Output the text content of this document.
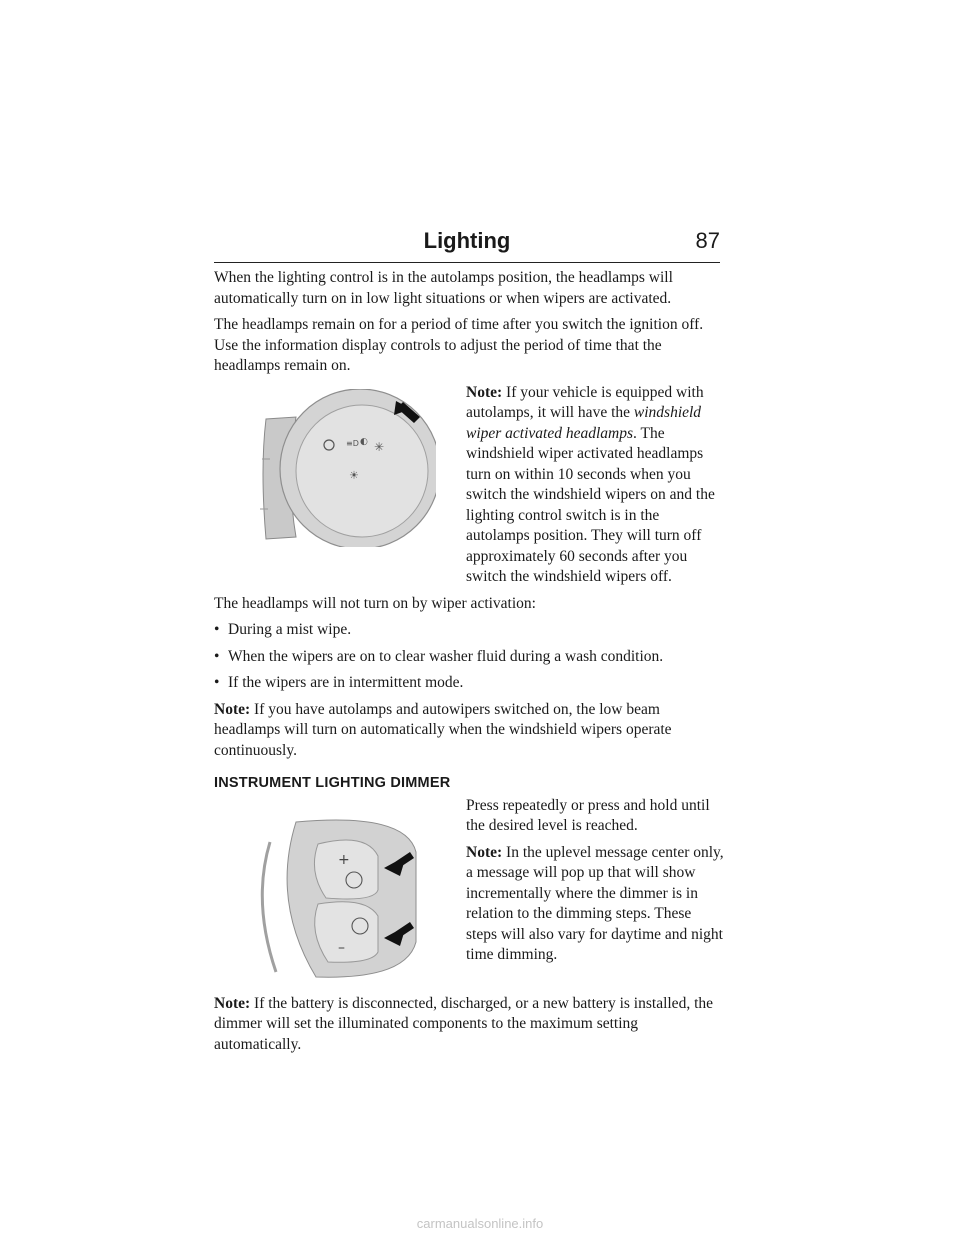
Lighting	87

When the lighting control is in the autolamps position, the headlamps will automatically turn on in low light situations or when wipers are activated.

The headlamps remain on for a period of time after you switch the ignition off. Use the information display controls to adjust the period of time that the headlamps remain on.

≡D ◐ ✳
☀

Note: If your vehicle is equipped with autolamps, it will have the windshield wiper activated headlamps. The windshield wiper activated headlamps turn on within 10 seconds when you switch the windshield wipers on and the lighting control switch is in the autolamps position. They will turn off approximately 60 seconds after you switch the windshield wipers off.

The headlamps will not turn on by wiper activation:

• During a mist wipe.
• When the wipers are on to clear washer fluid during a wash condition.
• If the wipers are in intermittent mode.

Note: If you have autolamps and autowipers switched on, the low beam headlamps will turn on automatically when the windshield wipers operate continuously.

INSTRUMENT LIGHTING DIMMER
+
–

Press repeatedly or press and hold until the desired level is reached.

Note: In the uplevel message center only, a message will pop up that will show incrementally where the dimmer is in relation to the dimming steps. These steps will also vary for daytime and night time dimming.

Note: If the battery is disconnected, discharged, or a new battery is installed, the dimmer will set the illuminated components to the maximum setting automatically.

carmanualsonline.info
